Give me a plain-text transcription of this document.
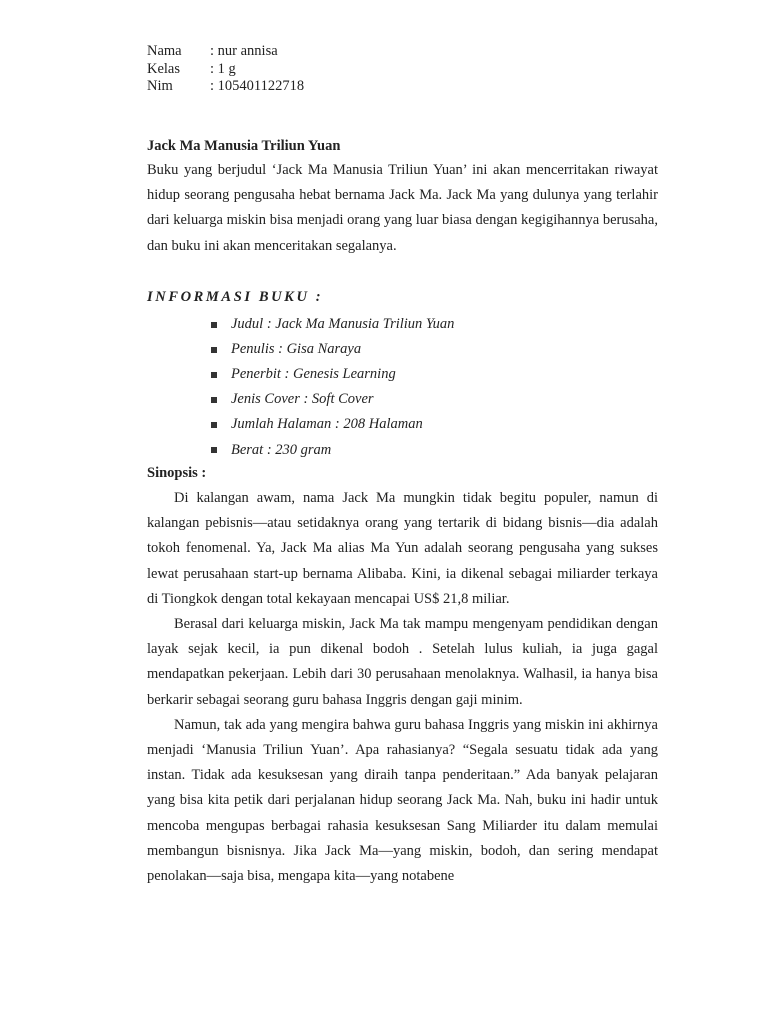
Nama	: nur annisa
Kelas	: 1 g
Nim	: 105401122718
Jack Ma Manusia Triliun Yuan
Buku yang berjudul ‘Jack Ma Manusia Triliun Yuan’ ini akan mencerritakan riwayat hidup seorang pengusaha hebat bernama Jack Ma. Jack Ma yang dulunya yang terlahir dari keluarga miskin bisa menjadi orang yang luar biasa dengan kegigihannya berusaha, dan buku ini akan menceritakan segalanya.
INFORMASI BUKU :
Judul : Jack Ma Manusia Triliun Yuan
Penulis : Gisa Naraya
Penerbit : Genesis Learning
Jenis Cover : Soft Cover
Jumlah Halaman : 208 Halaman
Berat : 230 gram
Sinopsis :

Di kalangan awam, nama Jack Ma mungkin tidak begitu populer, namun di kalangan pebisnis—atau setidaknya orang yang tertarik di bidang bisnis—dia adalah tokoh fenomenal. Ya, Jack Ma alias Ma Yun adalah seorang pengusaha yang sukses lewat perusahaan start-up bernama Alibaba. Kini, ia dikenal sebagai miliarder terkaya di Tiongkok dengan total kekayaan mencapai US$ 21,8 miliar.

Berasal dari keluarga miskin, Jack Ma tak mampu mengenyam pendidikan dengan layak sejak kecil, ia pun dikenal bodoh . Setelah lulus kuliah, ia juga gagal mendapatkan pekerjaan. Lebih dari 30 perusahaan menolaknya. Walhasil, ia hanya bisa berkarir sebagai seorang guru bahasa Inggris dengan gaji minim.

Namun, tak ada yang mengira bahwa guru bahasa Inggris yang miskin ini akhirnya menjadi ‘Manusia Triliun Yuan’. Apa rahasianya? “Segala sesuatu tidak ada yang instan. Tidak ada kesuksesan yang diraih tanpa penderitaan.” Ada banyak pelajaran yang bisa kita petik dari perjalanan hidup seorang Jack Ma. Nah, buku ini hadir untuk mencoba mengupas berbagai rahasia kesuksesan Sang Miliarder itu dalam memulai membangun bisnisnya. Jika Jack Ma—yang miskin, bodoh, dan sering mendapat penolakan—saja bisa, mengapa kita—yang notabene
